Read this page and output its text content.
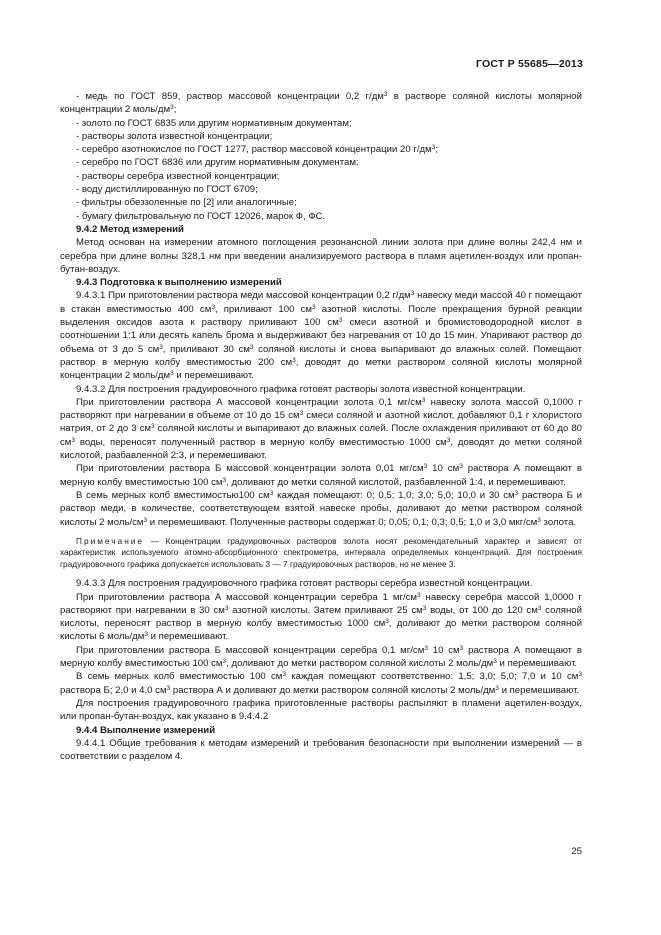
ГОСТ Р 55685—2013

- медь по ГОСТ 859, раствор массовой концентрации 0,2 $г/дм^3$ в растворе соляной кислоты молярной концентрации 2 моль/$дм^3$;

- золото по ГОСТ 6835 или другим нормативным документам;

- растворы золота известной концентрации;

- серебро азотнокислое по ГОСТ 1277, раствор массовой концентрации 20 $г/дм^3$;

- серебро по ГОСТ 6836 или другим нормативным документам;

- растворы серебра известной концентрации;

- воду дистиллированную по ГОСТ 6709;

- фильтры обеззоленные по [2] или аналогичные;

- бумагу фильтровальную по ГОСТ 12026, марок Ф, ФС.

9.4.2 Метод измерений

Метод основан на измерении атомного поглощения резонансной линии золота при длине волны 242,4 нм и серебра при длине волны 328,1 нм при введении анализируемого раствора в пламя ацетилен-воздух или пропан-бутан-воздух.

9.4.3 Подготовка к выполнению измерений

9.4.3.1 При приготовлении раствора меди массовой концентрации 0,2 $г/дм^3$ навеску меди массой 40 г помещают в стакан вместимостью 400 $см^3$, приливают 100 $см^3$ азотной кислоты. После прекращения бурной реакции выделения оксидов азота к раствору приливают 100 $см^3$ смеси азотной и бромистоводородной кислот в соотношении 1:1 или десять капель брома и выдерживают без нагревания от 10 до 15 мин. Упаривают раствор до объема от 3 до 5 $см^3$, приливают 30 $см^3$ соляной кислоты и снова выпаривают до влажных солей. Помещают раствор в мерную колбу вместимостью 200 $см^3$, доводят до метки раствором соляной кислоты молярной концентрации 2 моль/$дм^3$ и перемешивают.

9.4.3.2 Для построения градуировочного графика готовят растворы золота известной концентрации.

При приготовлении раствора А массовой концентрации золота 0,1 $мг/см^3$ навеску золота массой 0,1000 г растворяют при нагревании в объеме от 10 до 15 $см^3$ смеси соляной и азотной кислот, добавляют 0,1 г хлористого натрия, от 2 до 3 $см^3$ соляной кислоты и выпаривают до влажных солей. После охлаждения приливают от 60 до 80 $см^3$ воды, переносят полученный раствор в мерную колбу вместимостью 1000 $см^3$, доводят до метки соляной кислотой, разбавленной 2:3, и перемешивают.

При приготовлении раствора Б массовой концентрации золота 0,01 $мг/см^3$ 10 $см^3$ раствора А помещают в мерную колбу вместимостью 100 $см^3$, доливают до метки соляной кислотой, разбавленной 1:4, и перемешивают.

В семь мерных колб вместимостью100 $см^3$ каждая помещают: 0; 0,5; 1,0; 3,0; 5,0; 10,0 и 30 $см^3$ раствора Б и раствор меди, в количестве, соответствующем взятой навеске пробы, доливают до метки раствором соляной кислоты 2 моль/$см^3$ и перемешивают. Полученные растворы содержат 0; 0,05; 0,1; 0,3; 0,5; 1,0 и 3,0 мкг/$см^3$ золота.

Примечание — Концентрации градуировочных растворов золота носят рекомендательный характер и зависят от характеристик используемого атомно-абсорбционного спектрометра, интервала определяемых концентраций. Для построения градуировочного графика допускается использовать 3 — 7 градуировочных растворов, но не менее 3.

9.4.3.3 Для построения градуировочного графика готовят растворы серебра известной концентрации.

При приготовлении раствора А массовой концентрации серебра 1 $мг/см^3$ навеску серебра массой 1,0000 г растворяют при нагревании в 30 $см^3$ азотной кислоты. Затем приливают 25 $см^3$ воды, от 100 до 120 $см^3$ соляной кислоты, переносят раствор в мерную колбу вместимостью 1000 $см^3$, доливают до метки раствором соляной кислоты 6 моль/$дм^3$ и перемешивают.

При приготовлении раствора Б массовой концентрации серебра 0,1 $мг/см^3$ 10 $см^3$ раствора А помещают в мерную колбу вместимостью 100 $см^3$, доливают до метки раствором соляной кислоты 2 моль/$дм^3$ и перемешивают.

В семь мерных колб вместимостью 100 $см^3$ каждая помещают соответственно: 1,5; 3,0; 5,0; 7,0 и 10 $см^3$ раствора Б; 2,0 и 4,0 $см^3$ раствора А и доливают до метки раствором соляной кислоты 2 моль/$дм^3$ и перемешивают.

Для построения градуировочного графика приготовленные растворы распыляют в пламени ацетилен-воздух, или пропан-бутан-воздух, как указано в 9.4.4.2

9.4.4 Выполнение измерений

9.4.4.1 Общие требования к методам измерений и требования безопасности при выполнении измерений — в соответствии с разделом 4.

25
